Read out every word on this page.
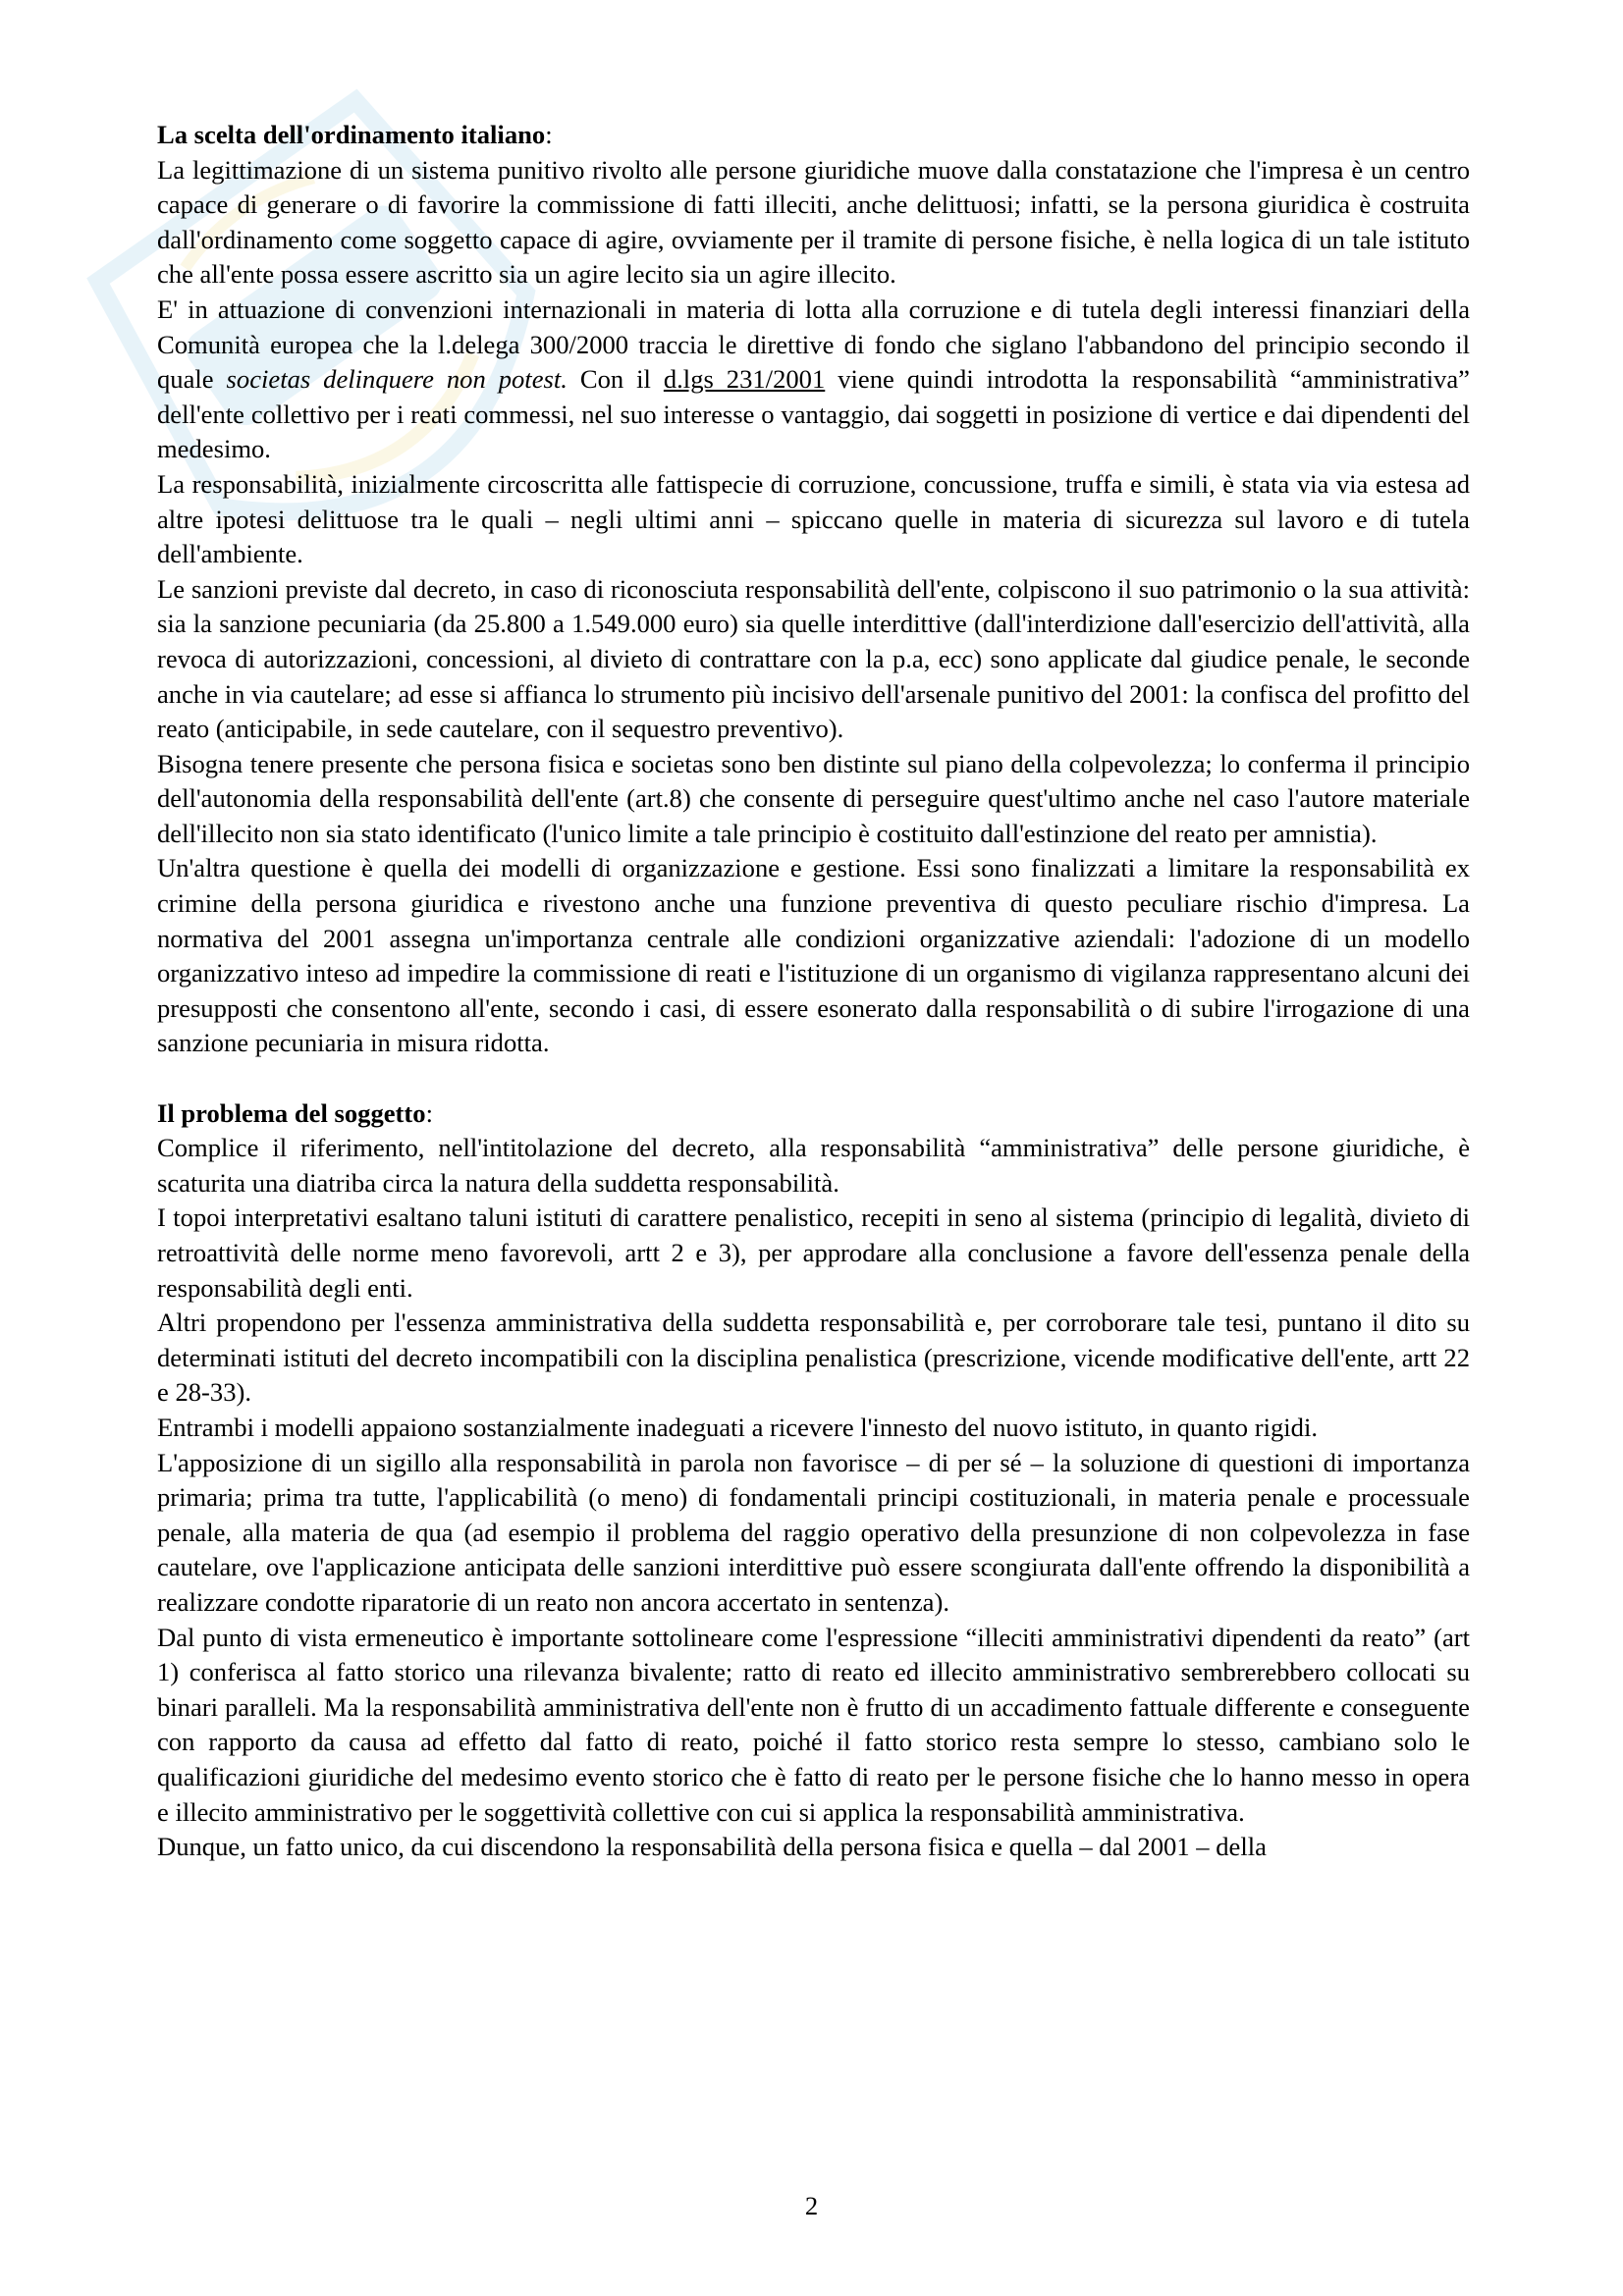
La scelta dell'ordinamento italiano:

La legittimazione di un sistema punitivo rivolto alle persone giuridiche muove dalla constatazione che l'impresa è un centro capace di generare o di favorire la commissione di fatti illeciti, anche delittuosi; infatti, se la persona giuridica è costruita dall'ordinamento come soggetto capace di agire, ovviamente per il tramite di persone fisiche, è nella logica di un tale istituto che all'ente possa essere ascritto sia un agire lecito sia un agire illecito.

E' in attuazione di convenzioni internazionali in materia di lotta alla corruzione e di tutela degli interessi finanziari della Comunità europea che la l.delega 300/2000 traccia le direttive di fondo che siglano l'abbandono del principio secondo il quale societas delinquere non potest. Con il d.lgs 231/2001 viene quindi introdotta la responsabilità “amministrativa” dell'ente collettivo per i reati commessi, nel suo interesse o vantaggio, dai soggetti in posizione di vertice e dai dipendenti del medesimo.

La responsabilità, inizialmente circoscritta alle fattispecie di corruzione, concussione, truffa e simili, è stata via via estesa ad altre ipotesi delittuose tra le quali – negli ultimi anni – spiccano quelle in materia di sicurezza sul lavoro e di tutela dell'ambiente.

Le sanzioni previste dal decreto, in caso di riconosciuta responsabilità dell'ente, colpiscono il suo patrimonio o la sua attività: sia la sanzione pecuniaria (da 25.800 a 1.549.000 euro) sia quelle interdittive (dall'interdizione dall'esercizio dell'attività, alla revoca di autorizzazioni, concessioni, al divieto di contrattare con la p.a, ecc) sono applicate dal giudice penale, le seconde anche in via cautelare; ad esse si affianca lo strumento più incisivo dell'arsenale punitivo del 2001: la confisca del profitto del reato (anticipabile, in sede cautelare, con il sequestro preventivo).

Bisogna tenere presente che persona fisica e societas sono ben distinte sul piano della colpevolezza; lo conferma il principio dell'autonomia della responsabilità dell'ente (art.8) che consente di perseguire quest'ultimo anche nel caso l'autore materiale dell'illecito non sia stato identificato (l'unico limite a tale principio è costituito dall'estinzione del reato per amnistia).

Un'altra questione è quella dei modelli di organizzazione e gestione. Essi sono finalizzati a limitare la responsabilità ex crimine della persona giuridica e rivestono anche una funzione preventiva di questo peculiare rischio d'impresa. La normativa del 2001 assegna un'importanza centrale alle condizioni organizzative aziendali: l'adozione di un modello organizzativo inteso ad impedire la commissione di reati e l'istituzione di un organismo di vigilanza rappresentano alcuni dei presupposti che consentono all'ente, secondo i casi, di essere esonerato dalla responsabilità o di subire l'irrogazione di una sanzione pecuniaria in misura ridotta.

Il problema del soggetto:

Complice il riferimento, nell'intitolazione del decreto, alla responsabilità “amministrativa” delle persone giuridiche, è scaturita una diatriba circa la natura della suddetta responsabilità.

I topoi interpretativi esaltano taluni istituti di carattere penalistico, recepiti in seno al sistema (principio di legalità, divieto di retroattività delle norme meno favorevoli, artt 2 e 3), per approdare alla conclusione a favore dell'essenza penale della responsabilità degli enti.

Altri propendono per l'essenza amministrativa della suddetta responsabilità e, per corroborare tale tesi, puntano il dito su determinati istituti del decreto incompatibili con la disciplina penalistica (prescrizione, vicende modificative dell'ente, artt 22 e 28-33).

Entrambi i modelli appaiono sostanzialmente inadeguati a ricevere l'innesto del nuovo istituto, in quanto rigidi.

L'apposizione di un sigillo alla responsabilità in parola non favorisce – di per sé – la soluzione di questioni di importanza primaria; prima tra tutte, l'applicabilità (o meno) di fondamentali principi costituzionali, in materia penale e processuale penale, alla materia de qua (ad esempio il problema del raggio operativo della presunzione di non colpevolezza in fase cautelare, ove l'applicazione anticipata delle sanzioni interdittive può essere scongiurata dall'ente offrendo la disponibilità a realizzare condotte riparatorie di un reato non ancora accertato in sentenza).

Dal punto di vista ermeneutico è importante sottolineare come l'espressione “illeciti amministrativi dipendenti da reato” (art 1) conferisca al fatto storico una rilevanza bivalente; ratto di reato ed illecito amministrativo sembrerebbero collocati su binari paralleli. Ma la responsabilità amministrativa dell'ente non è frutto di un accadimento fattuale differente e conseguente con rapporto da causa ad effetto dal fatto di reato, poiché il fatto storico resta sempre lo stesso, cambiano solo le qualificazioni giuridiche del medesimo evento storico che è fatto di reato per le persone fisiche che lo hanno messo in opera e illecito amministrativo per le soggettività collettive con cui si applica la responsabilità amministrativa.

Dunque, un fatto unico, da cui discendono la responsabilità della persona fisica e quella – dal 2001 – della

2
